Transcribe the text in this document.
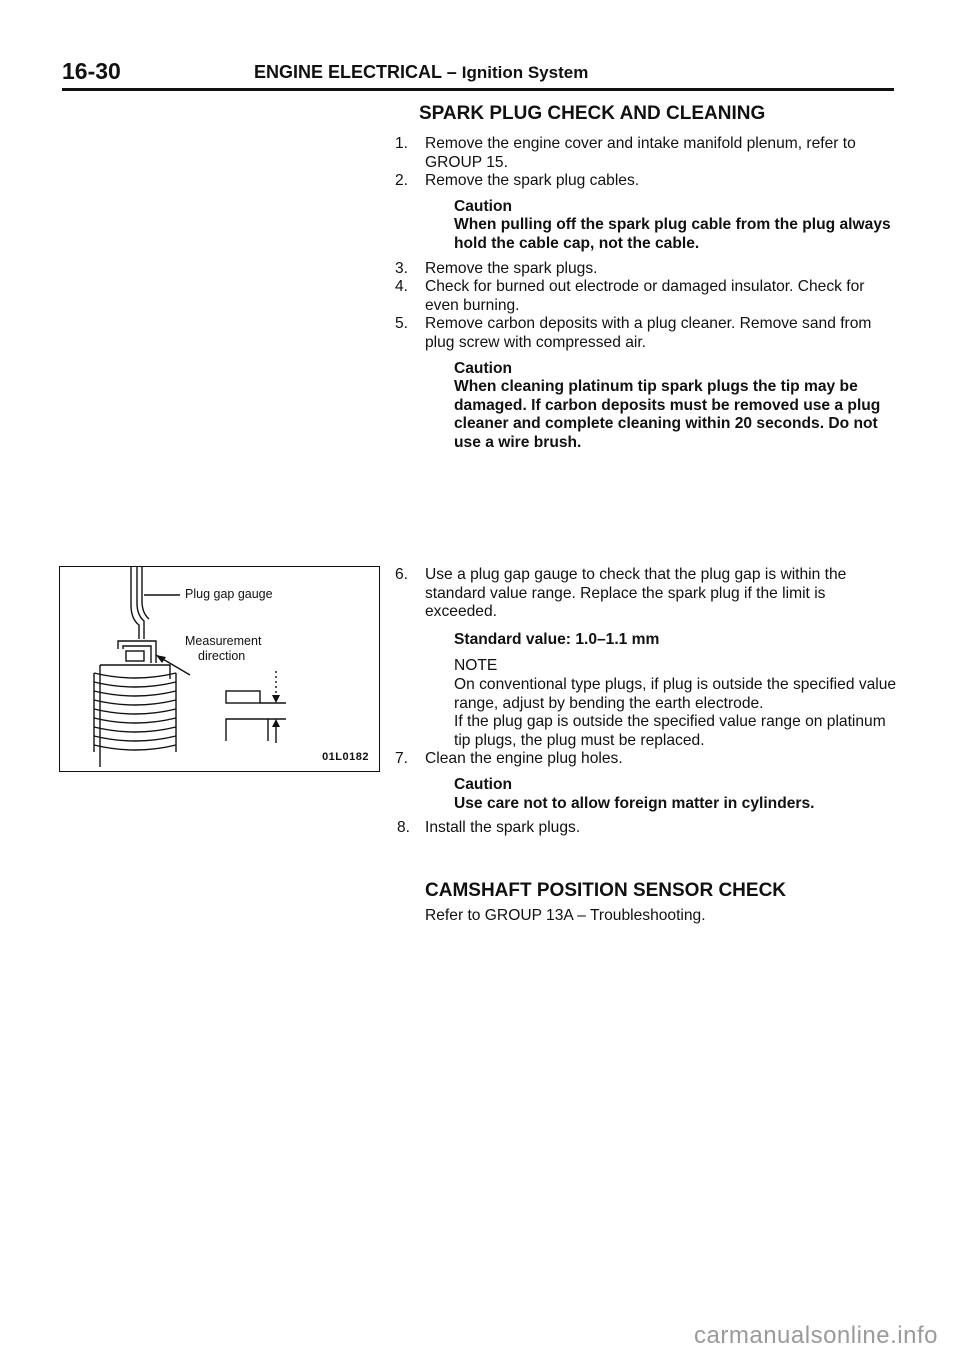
16-30	ENGINE ELECTRICAL – Ignition System
SPARK PLUG CHECK AND CLEANING
1. Remove the engine cover and intake manifold plenum, refer to GROUP 15.

2. Remove the spark plug cables.

Caution

When pulling off the spark plug cable from the plug always hold the cable cap, not the cable.

3. Remove the spark plugs.

4. Check for burned out electrode or damaged insulator. Check for even burning.

5. Remove carbon deposits with a plug cleaner. Remove sand from plug screw with compressed air.

Caution

When cleaning platinum tip spark plugs the tip may be damaged. If carbon deposits must be removed use a plug cleaner and complete cleaning within 20 seconds. Do not use a wire brush.

6. Use a plug gap gauge to check that the plug gap is within the standard value range. Replace the spark plug if the limit is exceeded.

Standard value: 1.0–1.1 mm

NOTE

On conventional type plugs, if plug is outside the specified value range, adjust by bending the earth electrode.

If the plug gap is outside the specified value range on platinum tip plugs, the plug must be replaced.

7. Clean the engine plug holes.

Caution

Use care not to allow foreign matter in cylinders.

8. Install the spark plugs.

Plug gap gauge
Measurement
direction
01L0182
CAMSHAFT POSITION SENSOR CHECK
Refer to GROUP 13A – Troubleshooting.
carmanualsonline.info
